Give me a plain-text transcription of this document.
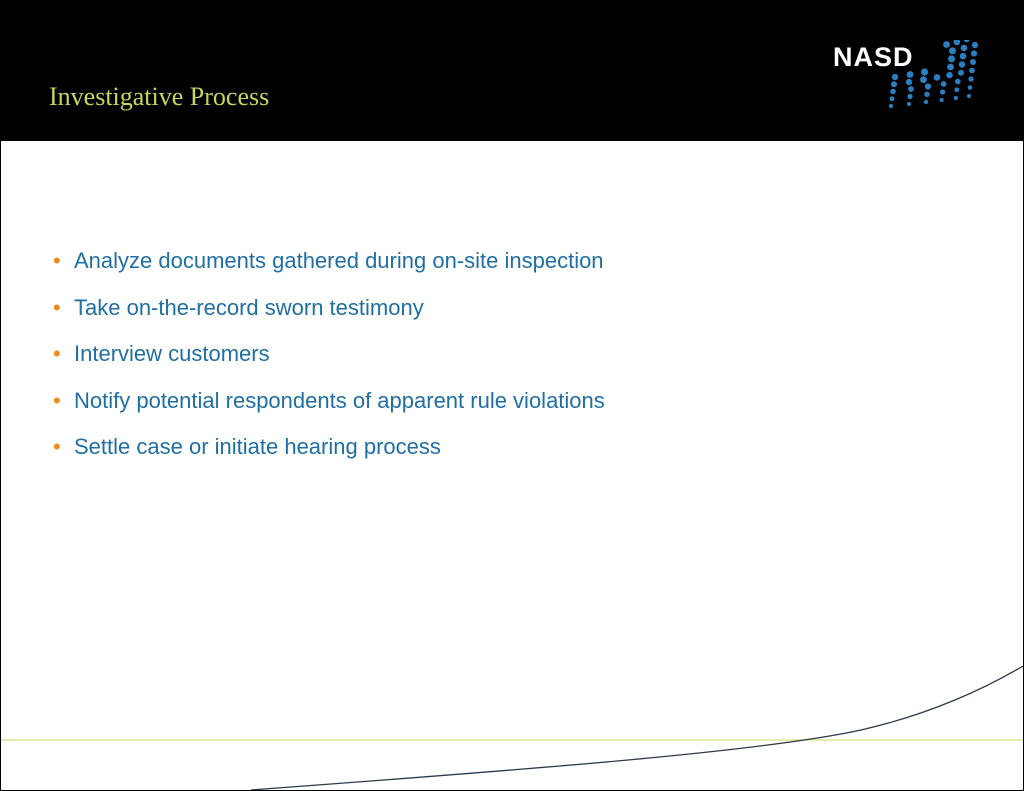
Investigative Process
NASD
• Analyze documents gathered during on-site inspection
• Take on-the-record sworn testimony
• Interview customers
• Notify potential respondents of apparent rule violations
• Settle case or initiate hearing process
